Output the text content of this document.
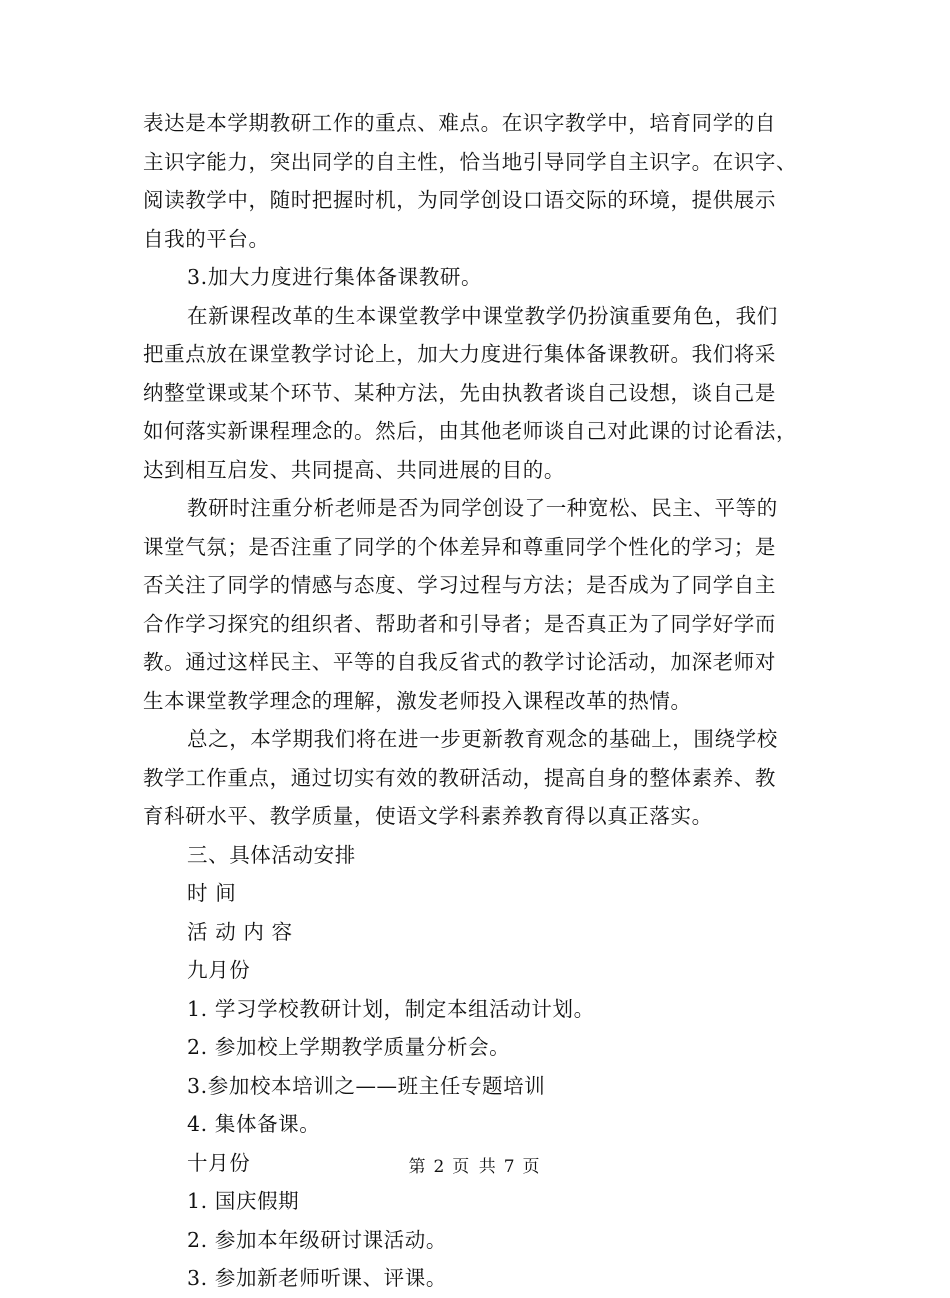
表达是本学期教研工作的重点、难点。在识字教学中，培育同学的自
主识字能力，突出同学的自主性，恰当地引导同学自主识字。在识字、
阅读教学中，随时把握时机，为同学创设口语交际的环境，提供展示
自我的平台。
3.加大力度进行集体备课教研。
在新课程改革的生本课堂教学中课堂教学仍扮演重要角色，我们
把重点放在课堂教学讨论上，加大力度进行集体备课教研。我们将采
纳整堂课或某个环节、某种方法，先由执教者谈自己设想，谈自己是
如何落实新课程理念的。然后，由其他老师谈自己对此课的讨论看法，
达到相互启发、共同提高、共同进展的目的。
教研时注重分析老师是否为同学创设了一种宽松、民主、平等的
课堂气氛；是否注重了同学的个体差异和尊重同学个性化的学习；是
否关注了同学的情感与态度、学习过程与方法；是否成为了同学自主
合作学习探究的组织者、帮助者和引导者；是否真正为了同学好学而
教。通过这样民主、平等的自我反省式的教学讨论活动，加深老师对
生本课堂教学理念的理解，激发老师投入课程改革的热情。
总之，本学期我们将在进一步更新教育观念的基础上，围绕学校
教学工作重点，通过切实有效的教研活动，提高自身的整体素养、教
育科研水平、教学质量，使语文学科素养教育得以真正落实。
三、具体活动安排
时 间
活 动 内 容
九月份
1. 学习学校教研计划，制定本组活动计划。
2. 参加校上学期教学质量分析会。
3.参加校本培训之——班主任专题培训
4. 集体备课。
十月份
1. 国庆假期
2. 参加本年级研讨课活动。
3. 参加新老师听课、评课。
第 2 页 共 7 页
